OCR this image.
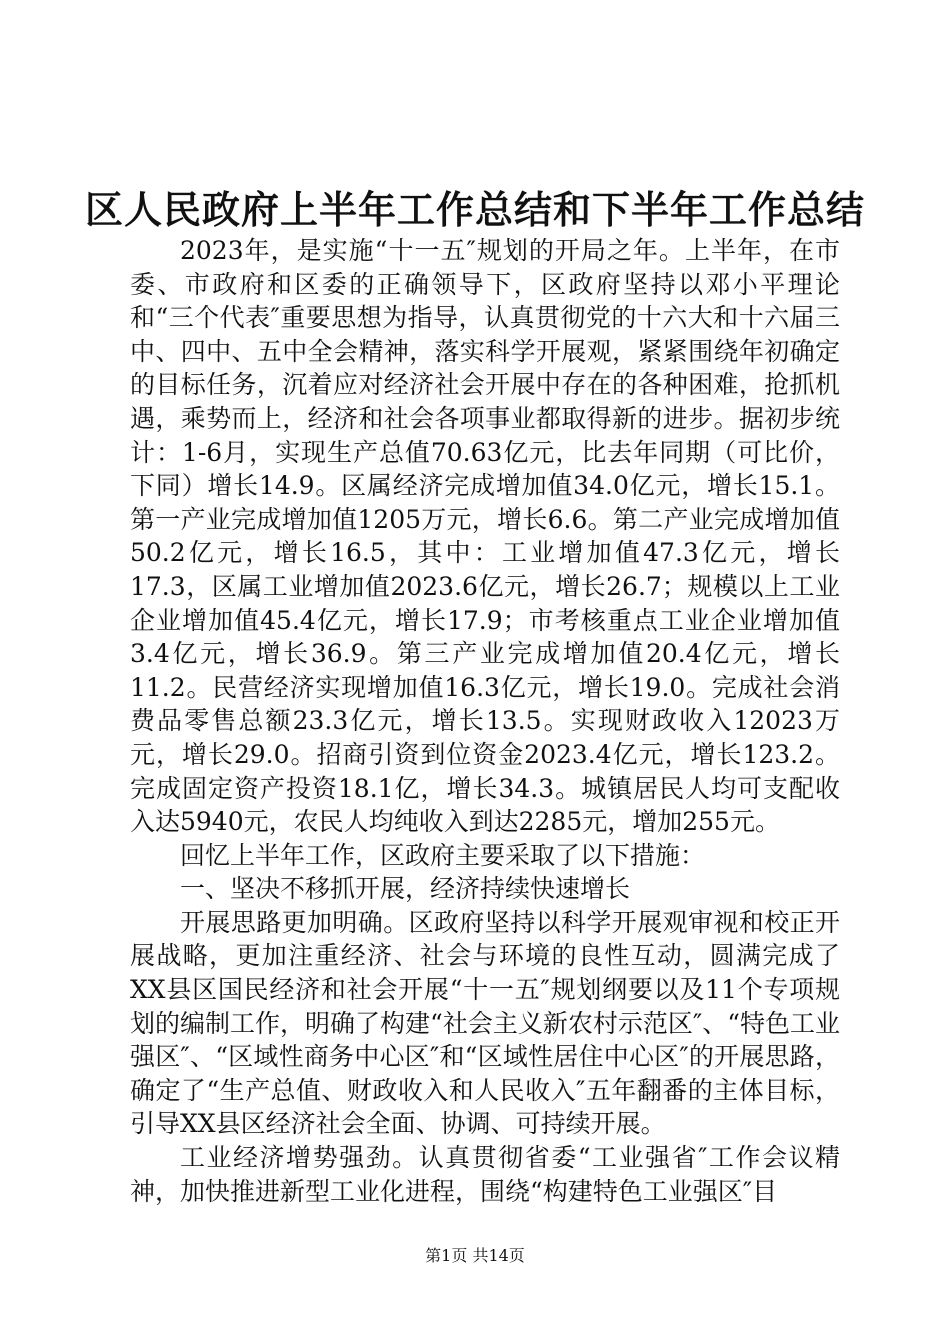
区人民政府上半年工作总结和下半年工作总结

2023年，是实施“十一五″规划的开局之年。上半年，在市委、市政府和区委的正确领导下，区政府坚持以邓小平理论和“三个代表″重要思想为指导，认真贯彻党的十六大和十六届三中、四中、五中全会精神，落实科学开展观，紧紧围绕年初确定的目标任务，沉着应对经济社会开展中存在的各种困难，抢抓机遇，乘势而上，经济和社会各项事业都取得新的进步。据初步统计：1-6月，实现生产总值70.63亿元，比去年同期（可比价，下同）增长14.9。区属经济完成增加值34.0亿元，增长15.1。第一产业完成增加值1205万元，增长6.6。第二产业完成增加值50.2亿元，增长16.5，其中：工业增加值47.3亿元，增长17.3，区属工业增加值2023.6亿元，增长26.7；规模以上工业企业增加值45.4亿元，增长17.9；市考核重点工业企业增加值3.4亿元，增长36.9。第三产业完成增加值20.4亿元，增长11.2。民营经济实现增加值16.3亿元，增长19.0。完成社会消费品零售总额23.3亿元，增长13.5。实现财政收入12023万元，增长29.0。招商引资到位资金2023.4亿元，增长123.2。完成固定资产投资18.1亿，增长34.3。城镇居民人均可支配收入达5940元，农民人均纯收入到达2285元，增加255元。

回忆上半年工作，区政府主要采取了以下措施：

一、坚决不移抓开展，经济持续快速增长

开展思路更加明确。区政府坚持以科学开展观审视和校正开展战略，更加注重经济、社会与环境的良性互动，圆满完成了XX县区国民经济和社会开展“十一五″规划纲要以及11个专项规划的编制工作，明确了构建“社会主义新农村示范区″、“特色工业强区″、“区域性商务中心区″和“区域性居住中心区″的开展思路，确定了“生产总值、财政收入和人民收入″五年翻番的主体目标，引导XX县区经济社会全面、协调、可持续开展。

工业经济增势强劲。认真贯彻省委“工业强省″工作会议精神，加快推进新型工业化进程，围绕“构建特色工业强区″目

第1页 共14页
